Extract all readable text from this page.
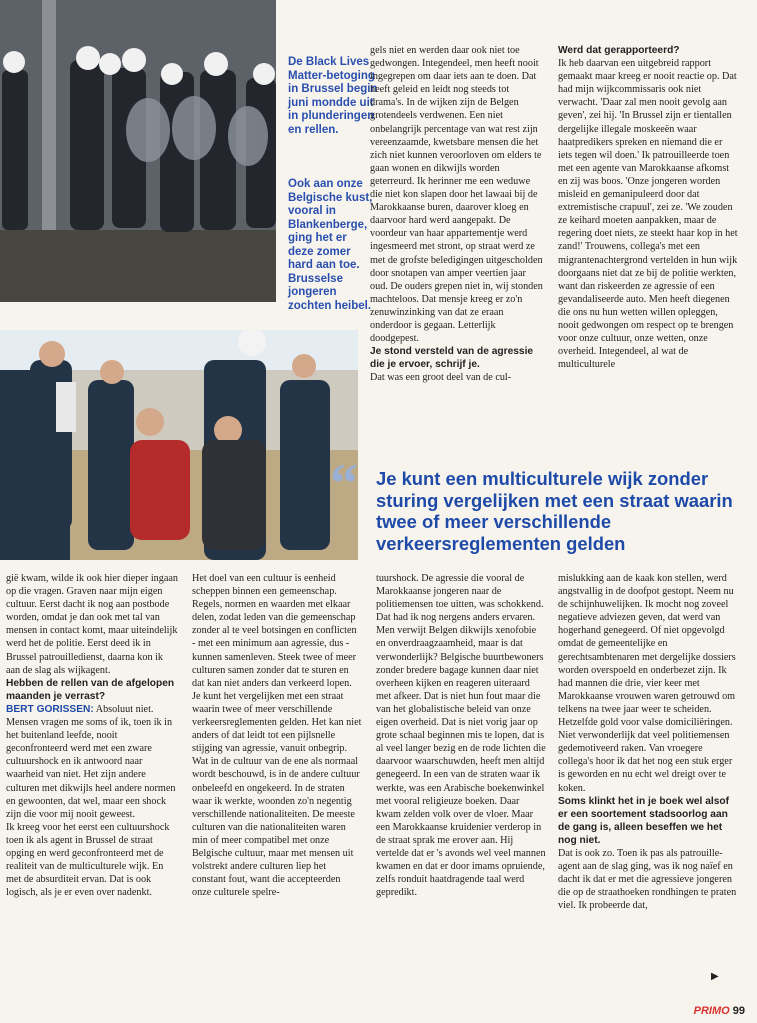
De Black Lives Matter-betoging in Brussel begin juni mondde uit in plunderingen en rellen.
Ook aan onze Belgische kust, vooral in Blankenberge, ging het er deze zomer hard aan toe. Brusselse jongeren zochten heibel.

gels niet en werden daar ook niet toe gedwongen. Integendeel, men heeft nooit ingegrepen om daar iets aan te doen. Dat heeft geleid en leidt nog steeds tot drama's. In de wijken zijn de Belgen grotendeels verdwenen. Een niet onbelangrijk percentage van wat rest zijn vereenzaamde, kwetsbare mensen die het zich niet kunnen veroorloven om elders te gaan wonen en dikwijls worden geterreurd. Ik herinner me een weduwe die niet kon slapen door het lawaai bij de Marokkaanse buren, daarover kloeg en daarvoor hard werd aangepakt. De voordeur van haar appartementje werd ingesmeerd met stront, op straat werd ze met de grofste beledigingen uitgescholden door snotapen van amper veertien jaar oud. De ouders grepen niet in, wij stonden machteloos. Dat mensje kreeg er zo'n zenuwinzinking van dat ze eraan onderdoor is gegaan. Letterlijk doodgepest.

Je stond versteld van de agressie die je ervoer, schrijf je.

Dat was een groot deel van de cul-

Werd dat gerapporteerd?

Ik heb daarvan een uitgebreid rapport gemaakt maar kreeg er nooit reactie op. Dat had mijn wijkcommissaris ook niet verwacht. 'Daar zal men nooit gevolg aan geven', zei hij. 'In Brussel zijn er tientallen dergelijke illegale moskeeën waar haatpredikers spreken en niemand die er iets tegen wil doen.' Ik patrouilleerde toen met een agente van Marokkaanse afkomst en zij was boos. 'Onze jongeren worden misleid en gemanipuleerd door dat extremistische crapuul', zei ze. 'We zouden ze keihard moeten aanpakken, maar de regering doet niets, ze steekt haar kop in het zand!' Trouwens, collega's met een migrantenachtergrond vertelden in hun wijk doorgaans niet dat ze bij de politie werkten, want dan riskeerden ze agressie of een gevandaliseerde auto. Men heeft diegenen die ons nu hun wetten willen opleggen, nooit gedwongen om respect op te brengen voor onze cultuur, onze wetten, onze overheid. Integendeel, al wat de multiculturele

“ Je kunt een multiculturele wijk zonder sturing vergelijken met een straat waarin twee of meer verschillende verkeersreglementen gelden

gië kwam, wilde ik ook hier dieper ingaan op die vragen. Graven naar mijn eigen cultuur. Eerst dacht ik nog aan postbode worden, omdat je dan ook met tal van mensen in contact komt, maar uiteindelijk werd het de politie. Eerst deed ik in Brussel patrouilledienst, daarna kon ik aan de slag als wijkagent.

Hebben de rellen van de afgelopen maanden je verrast?

BERT GORISSEN: Absoluut niet. Mensen vragen me soms of ik, toen ik in het buitenland leefde, nooit geconfronteerd werd met een zware cultuurshock en ik antwoord naar waarheid van niet. Het zijn andere culturen met dikwijls heel andere normen en gewoonten, dat wel, maar een shock zijn die voor mij nooit geweest.

Ik kreeg voor het eerst een cultuurshock toen ik als agent in Brussel de straat opging en werd geconfronteerd met de realiteit van de multiculturele wijk. En met de absurditeit ervan. Dat is ook logisch, als je er even over nadenkt.

Het doel van een cultuur is eenheid scheppen binnen een gemeenschap. Regels, normen en waarden met elkaar delen, zodat leden van die gemeenschap zonder al te veel botsingen en conflicten - met een minimum aan agressie, dus - kunnen samenleven. Steek twee of meer culturen samen zonder dat te sturen en dat kan niet anders dan verkeerd lopen. Je kunt het vergelijken met een straat waarin twee of meer verschillende verkeersreglementen gelden. Het kan niet anders of dat leidt tot een pijlsnelle stijging van agressie, vanuit onbegrip. Wat in de cultuur van de ene als normaal wordt beschouwd, is in de andere cultuur onbeleefd en ongekeerd. In de straten waar ik werkte, woonden zo'n negentig verschillende nationaliteiten. De meeste culturen van die nationaliteiten waren min of meer compatibel met onze Belgische cultuur, maar met mensen uit volstrekt andere culturen liep het constant fout, want die accepteerden onze culturele spelre-

tuurshock. De agressie die vooral de Marokkaanse jongeren naar de politiemensen toe uitten, was schokkend. Dat had ik nog nergens anders ervaren. Men verwijt Belgen dikwijls xenofobie en onverdraagzaamheid, maar is dat verwonderlijk? Belgische buurtbewoners zonder bredere bagage kunnen daar niet overheen kijken en reageren uiteraard met afkeer. Dat is niet hun fout maar die van het globalistische beleid van onze eigen overheid. Dat is niet vorig jaar op grote schaal beginnen mis te lopen, dat is al veel langer bezig en de rode lichten die daarvoor waarschuwden, heeft men altijd genegeerd. In een van de straten waar ik werkte, was een Arabische boekenwinkel met vooral religieuze boeken. Daar kwam zelden volk over de vloer. Maar een Marokkaanse kruidenier verderop in de straat sprak me erover aan. Hij vertelde dat er 's avonds wel veel mannen kwamen en dat er door imams opruiende, zelfs ronduit haatdragende taal werd gepredikt.

mislukking aan de kaak kon stellen, werd angstvallig in de doofpot gestopt. Neem nu de schijnhuwelijken. Ik mocht nog zoveel negatieve adviezen geven, dat werd van hogerhand genegeerd. Of niet opgevolgd omdat de gemeentelijke en gerechtsambtenaren met dergelijke dossiers worden overspoeld en onderbezet zijn. Ik had mannen die drie, vier keer met Marokkaanse vrouwen waren getrouwd om telkens na twee jaar weer te scheiden. Hetzelfde gold voor valse domiciliëringen. Niet verwonderlijk dat veel politiemensen gedemotiveerd raken. Van vroegere collega's hoor ik dat het nog een stuk erger is geworden en nu echt wel dreigt over te koken.

Soms klinkt het in je boek wel alsof er een soortement stadsoorlog aan de gang is, alleen beseffen we het nog niet.

Dat is ook zo. Toen ik pas als patrouille-agent aan de slag ging, was ik nog naïef en dacht ik dat er met die agressieve jongeren die op de straathoeken rondhingen te praten viel. Ik probeerde dat,

▶
PRIMO 99
